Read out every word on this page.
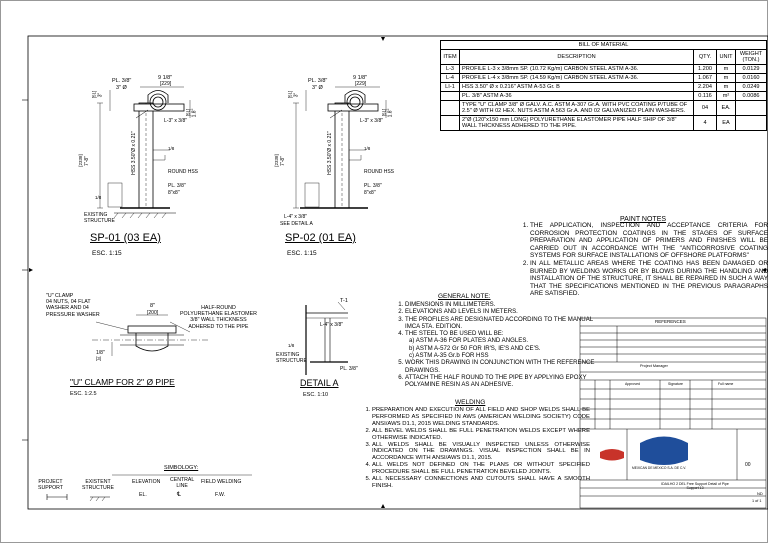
BILL OF MATERIAL				
ITEM	DESCRIPTION	QTY.	UNIT	WEIGHT (TON.)
L-3	PROFILE L-3 x 3/8mm SP. (10.72 Kg/m) CARBON STEEL ASTM A-36.	1.200	m	0.0129
L-4	PROFILE L-4 x 3/8mm SP. (14.59 Kg/m) CARBON STEEL ASTM A-36.	1.067	m	0.0160
LI-1	HSS 3.50" Ø x 0.216" ASTM A-53 Gr. B	2.204	m	0.0249
	PL. 3/8" ASTM A-36	0.116	m²	0.0086
	TYPE "U" CLAMP 3/8" Ø GALV. A.C. ASTM A-307 Gr.A. WITH PVC COATING P/TUBE OF 2.5" Ø WITH 02 HEX. NUTS ASTM A 563 Gr.A. AND 02 GALVANIZED PLAIN WASHERS.	04	EA.	
	2"Ø (120"x150 mm LONG) POLYURETHANE ELASTOMER PIPE HALF SHIP OF 3/8" WALL THICKNESS ADHERED TO THE PIPE.	4	EA	
PL. 3/8"
3" Ø
9 1/8"
[229]
L-3" x 3/8"
3"
[51]
1.8"
[51]
7'-8"
[2338]	HSS 3.50"Ø x 0.21"	1/8
ROUND HSS
PL. 3/8"
8"x8"
1/8
EXISTING
STRUCTURE
SP-01 (03 EA)
ESC. 1:15
PL. 3/8"
3" Ø
9 1/8"
[229]
L-3" x 3/8"
3"
[51]
1.8"
[51]
7'-8"
[2338]	HSS 3.50"Ø x 0.21"	1/8
ROUND HSS
PL. 3/8"
8"x8"
L-4" x 3/8"
SEE DETAIL A
SP-02 (01 EA)
ESC. 1:15
"U" CLAMP
04 NUTS, 04 FLAT
WASHER AND 04
PRESSURE WASHER
8"
[200]
HALF-ROUND
POLYURETHANE ELASTOMER
3/8" WALL THICKNESS
ADHERED TO THE PIPE
1/8"
[3]
"U" CLAMP FOR 2" Ø PIPE
ESC. 1:2.5
T-1
L-4" x 3/8"
1/8
EXISTING
STRUCTURE
PL. 3/8"
DETAIL A
ESC. 1:10
PAINT NOTES
1. THE APPLICATION, INSPECTION AND ACCEPTANCE CRITERIA FOR CORROSION PROTECTION COATINGS IN THE STAGES OF SURFACE PREPARATION AND APPLICATION OF PRIMERS AND FINISHES WILL BE CARRIED OUT IN ACCORDANCE WITH THE "ANTICORROSIVE COATING SYSTEMS FOR SURFACE INSTALLATIONS OF OFFSHORE PLATFORMS"
2. IN ALL METALLIC AREAS WHERE THE COATING HAS BEEN DAMAGED OR BURNED BY WELDING WORKS OR BY BLOWS DURING THE HANDLING AND INSTALLATION OF THE STRUCTURE, IT SHALL BE REPAIRED IN SUCH A WAY THAT THE SPECIFICATIONS MENTIONED IN THE PREVIOUS PARAGRAPHS ARE SATISFIED.
GENERAL NOTE:
1. DIMENSIONS IN MILLIMETERS.
2. ELEVATIONS AND LEVELS IN METERS.
3. THE PROFILES ARE DESIGNATED ACCORDING TO THE MANUAL IMCA 5TA. EDITION.
4. THE STEEL TO BE USED WILL BE:
a) ASTM A-36 FOR PLATES AND ANGLES.
b) ASTM A-572 Gr 50 FOR IR'S, IE'S AND CE'S.
c) ASTM A-35 Gr.b FOR HSS
5. WORK THIS DRAWING IN CONJUNCTION WITH THE REFERENCE DRAWINGS.
6. ATTACH THE HALF ROUND TO THE PIPE BY APPLYING EPOXY POLYAMINE RESIN AS AN ADHESIVE.
WELDING
1. PREPARATION AND EXECUTION OF ALL FIELD AND SHOP WELDS SHALL BE PERFORMED AS SPECIFIED IN AWS (AMERICAN WELDING SOCIETY) CODE ANSI/AWS D1.1, 2015 WELDING STANDARDS.
2. ALL BEVEL WELDS SHALL BE FULL PENETRATION WELDS EXCEPT WHERE OTHERWISE INDICATED.
3. ALL WELDS SHALL BE VISUALLY INSPECTED UNLESS OTHERWISE INDICATED ON THE DRAWINGS. VISUAL INSPECTION SHALL BE IN ACCORDANCE WITH ANSI/AWS D1.1, 2015.
4. ALL WELDS NOT DEFINED ON THE PLANS OR WITHOUT SPECIFIED PROCEDURE SHALL BE FULL PENETRATION BEVELED JOINTS.
5. ALL NECESSARY CONNECTIONS AND CUTOUTS SHALL HAVE A SMOOTH FINISH.
SIMBOLOGY:
PROJECT
SUPPORT
EXISTENT
STRUCTURE
ELEVATION
EL.
CENTRAL
LINE
℄
FIELD WELDING
F.W.
REFERENCES
Project Manager
Approved	Signature	Full name
MEXICAN DE MEXICO S.A. DE C.V.
IDAILHO 2 DEL Free Support Detail of Pipe Support 13
00
ND
1 of 1
